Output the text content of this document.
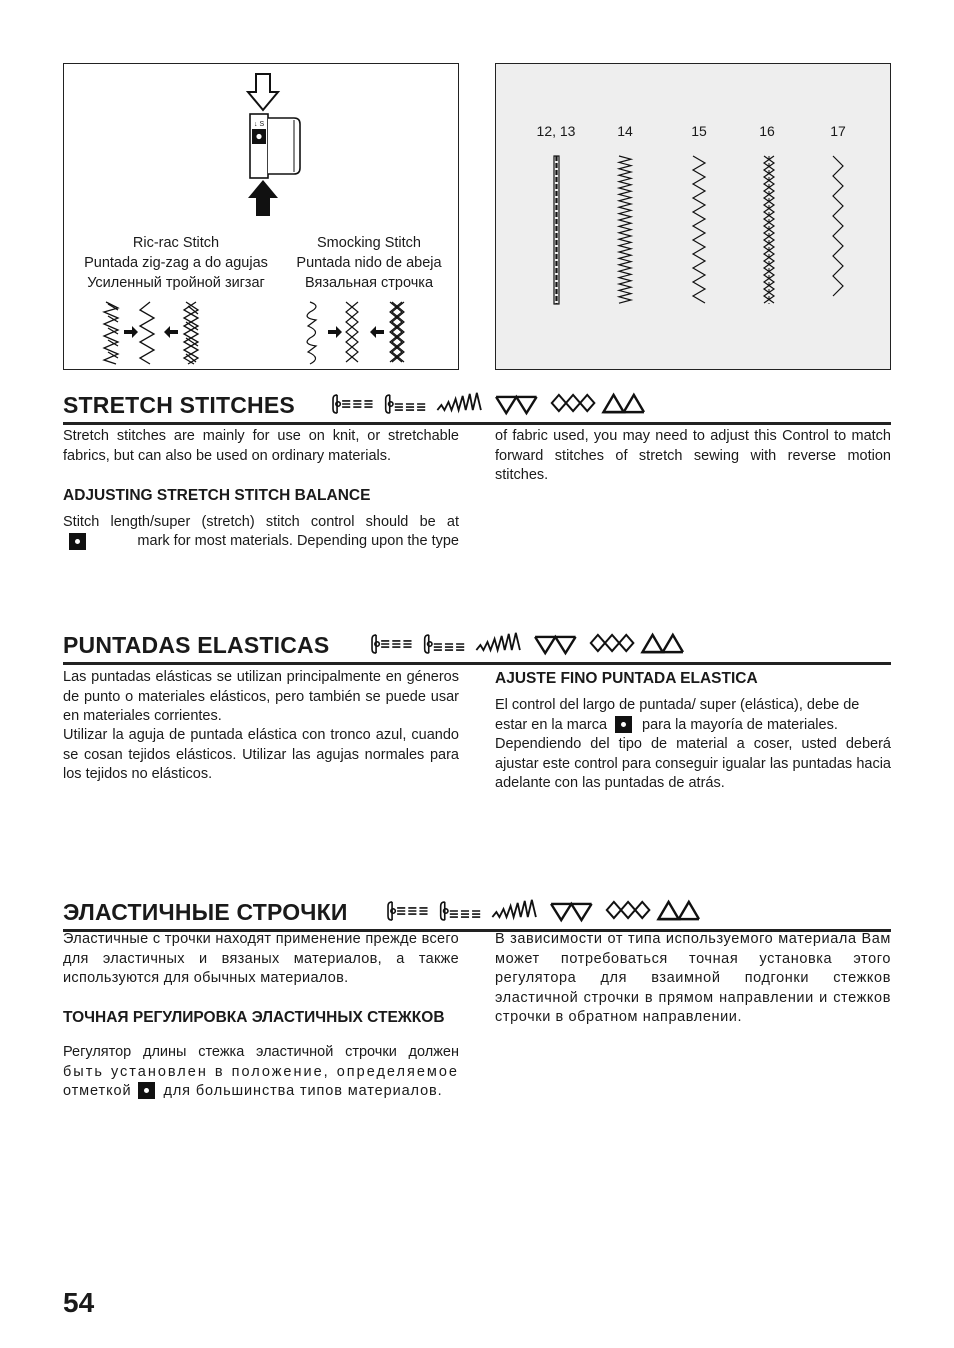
↓ S
Ric-rac Stitch
Puntada zig-zag a do agujas
Усиленный тройной зигзаг
Smocking Stitch
Puntada nido de abeja
Вязальная строчка
12, 13	14	15	16	17
STRETCH STITCHES
Stretch stitches are mainly for use on knit, or stretchable fabrics, but can also be used on ordinary materials.
ADJUSTING STRETCH STITCH BALANCE
Stitch length/super (stretch) stitch control should be at
mark for most materials. Depending upon the type
of fabric used, you may need to adjust this Control to match forward stitches of stretch sewing with reverse motion stitches.
PUNTADAS ELASTICAS
Las puntadas elásticas se utilizan principalmente en géneros de punto o materiales elásticos, pero también se puede usar en materiales corrientes.
Utilizar la aguja de puntada elástica con tronco azul, cuando se cosan tejidos elásticos. Utilizar las agujas normales para los tejidos no elásticos.
AJUSTE FINO PUNTADA ELASTICA
El control del largo de puntada/ super (elástica), debe de
estar en la marca para la mayoría de materiales.
Dependiendo del tipo de material a coser, usted deberá ajustar este control para conseguir igualar las puntadas hacia adelante con las puntadas de atrás.
ЭЛАСТИЧНЫЕ СТРОЧКИ
Эластичные с трочки находят применение прежде всего для эластичных и вязаных материалов, а также используются для обычных материалов.
ТОЧНАЯ РЕГУЛИРОВКА ЭЛАСТИЧНЫХ СТЕЖКОВ
Регулятор длины стежка эластичной строчки должен
быть установлен в положение, определяемое
отметкой для большинства типов материалов.
В зависимости от типа используемого материала Вам может потребоваться точная установка этого регулятора для взаимной подгонки стежков эластичной строчки в прямом направлении и стежков строчки в обратном направлении.
54
